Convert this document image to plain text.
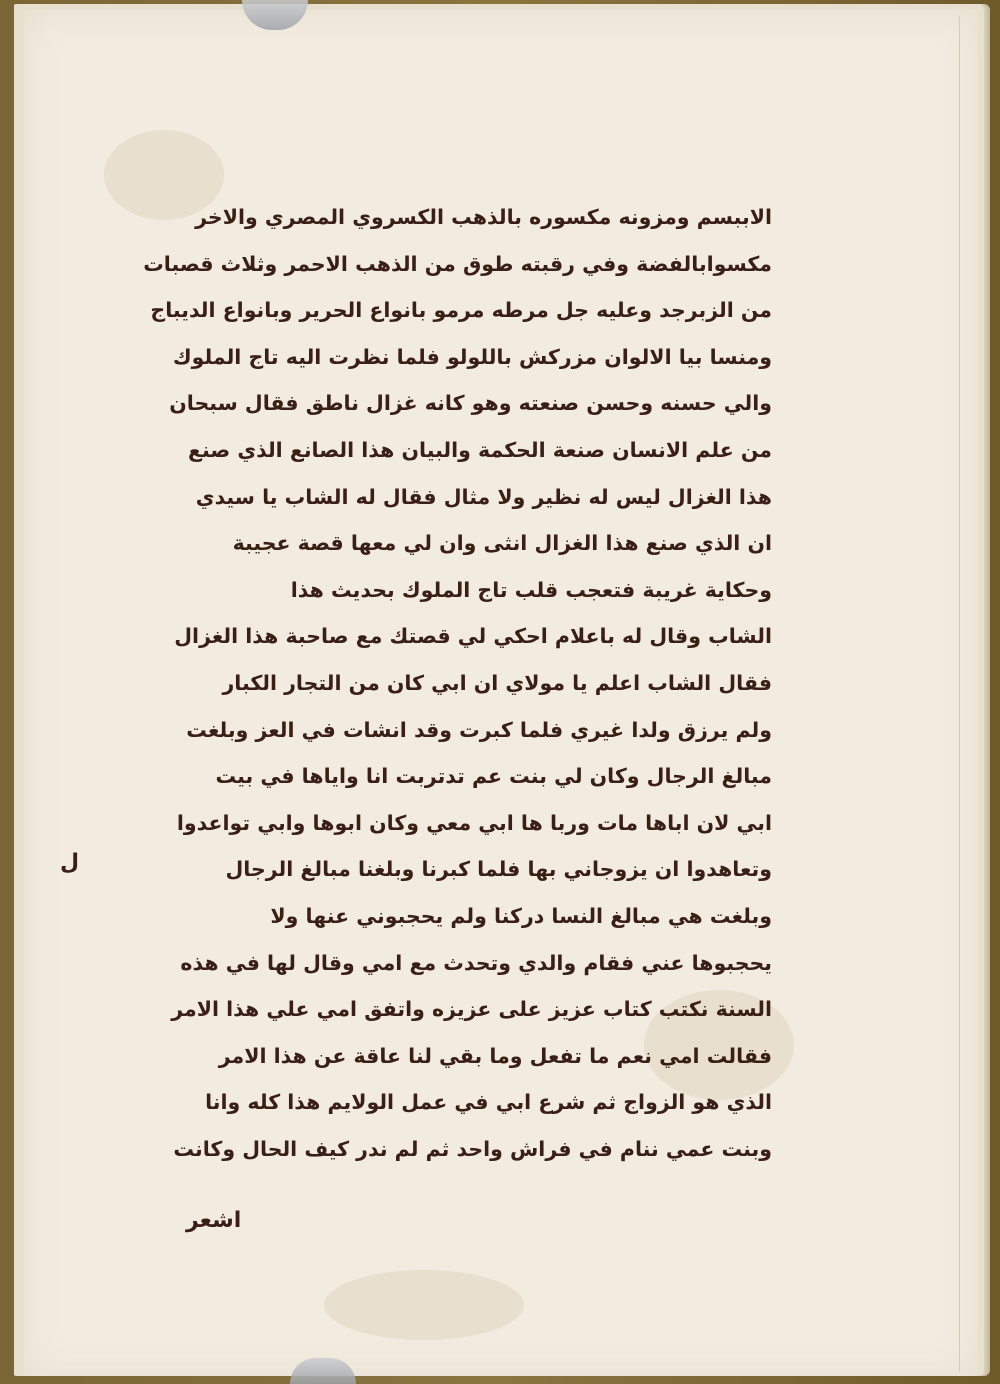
الاببسم ومزونه مكسوره بالذهب الكسروي المصري والاخر
مكسوابالفضة وفي رقبته طوق من الذهب الاحمر وثلاث قصبات
من الزبرجد وعليه جل مرطه مرمو بانواع الحرير وبانواع الديباج
ومنسا بيا الالوان مزركش باللولو فلما نظرت اليه تاج الملوك
والي حسنه وحسن صنعته وهو كانه غزال ناطق فقال سبحان
من علم الانسان صنعة الحكمة والبيان هذا الصانع الذي صنع
هذا الغزال ليس له نظير ولا مثال فقال له الشاب يا سيدي
ان الذي صنع هذا الغزال انثى وان لي معها قصة عجيبة
وحكاية غريبة فتعجب قلب تاج الملوك بحديث هذا
الشاب وقال له باعلام احكي لي قصتك مع صاحبة هذا الغزال
فقال الشاب اعلم يا مولاي ان ابي كان من التجار الكبار
ولم يرزق ولدا غيري فلما كبرت وقد انشات في العز وبلغت
مبالغ الرجال وكان لي بنت عم تدتربت انا واياها في بيت
ابي لان اباها مات وربا ها ابي معي وكان ابوها وابي تواعدوا
وتعاهدوا ان يزوجاني بها فلما كبرنا وبلغنا مبالغ الرجال
وبلغت هي مبالغ النسا دركنا ولم يحجبوني عنها ولا
يحجبوها عني فقام والدي وتحدث مع امي وقال لها في هذه
السنة نكتب كتاب عزيز على عزيزه واتفق امي علي هذا الامر
فقالت امي نعم ما تفعل وما بقي لنا عاقة عن هذا الامر
الذي هو الزواج ثم شرع ابي في عمل الولايم هذا كله وانا
وبنت عمي ننام في فراش واحد ثم لم ندر كيف الحال وكانت
ل
اشعر
